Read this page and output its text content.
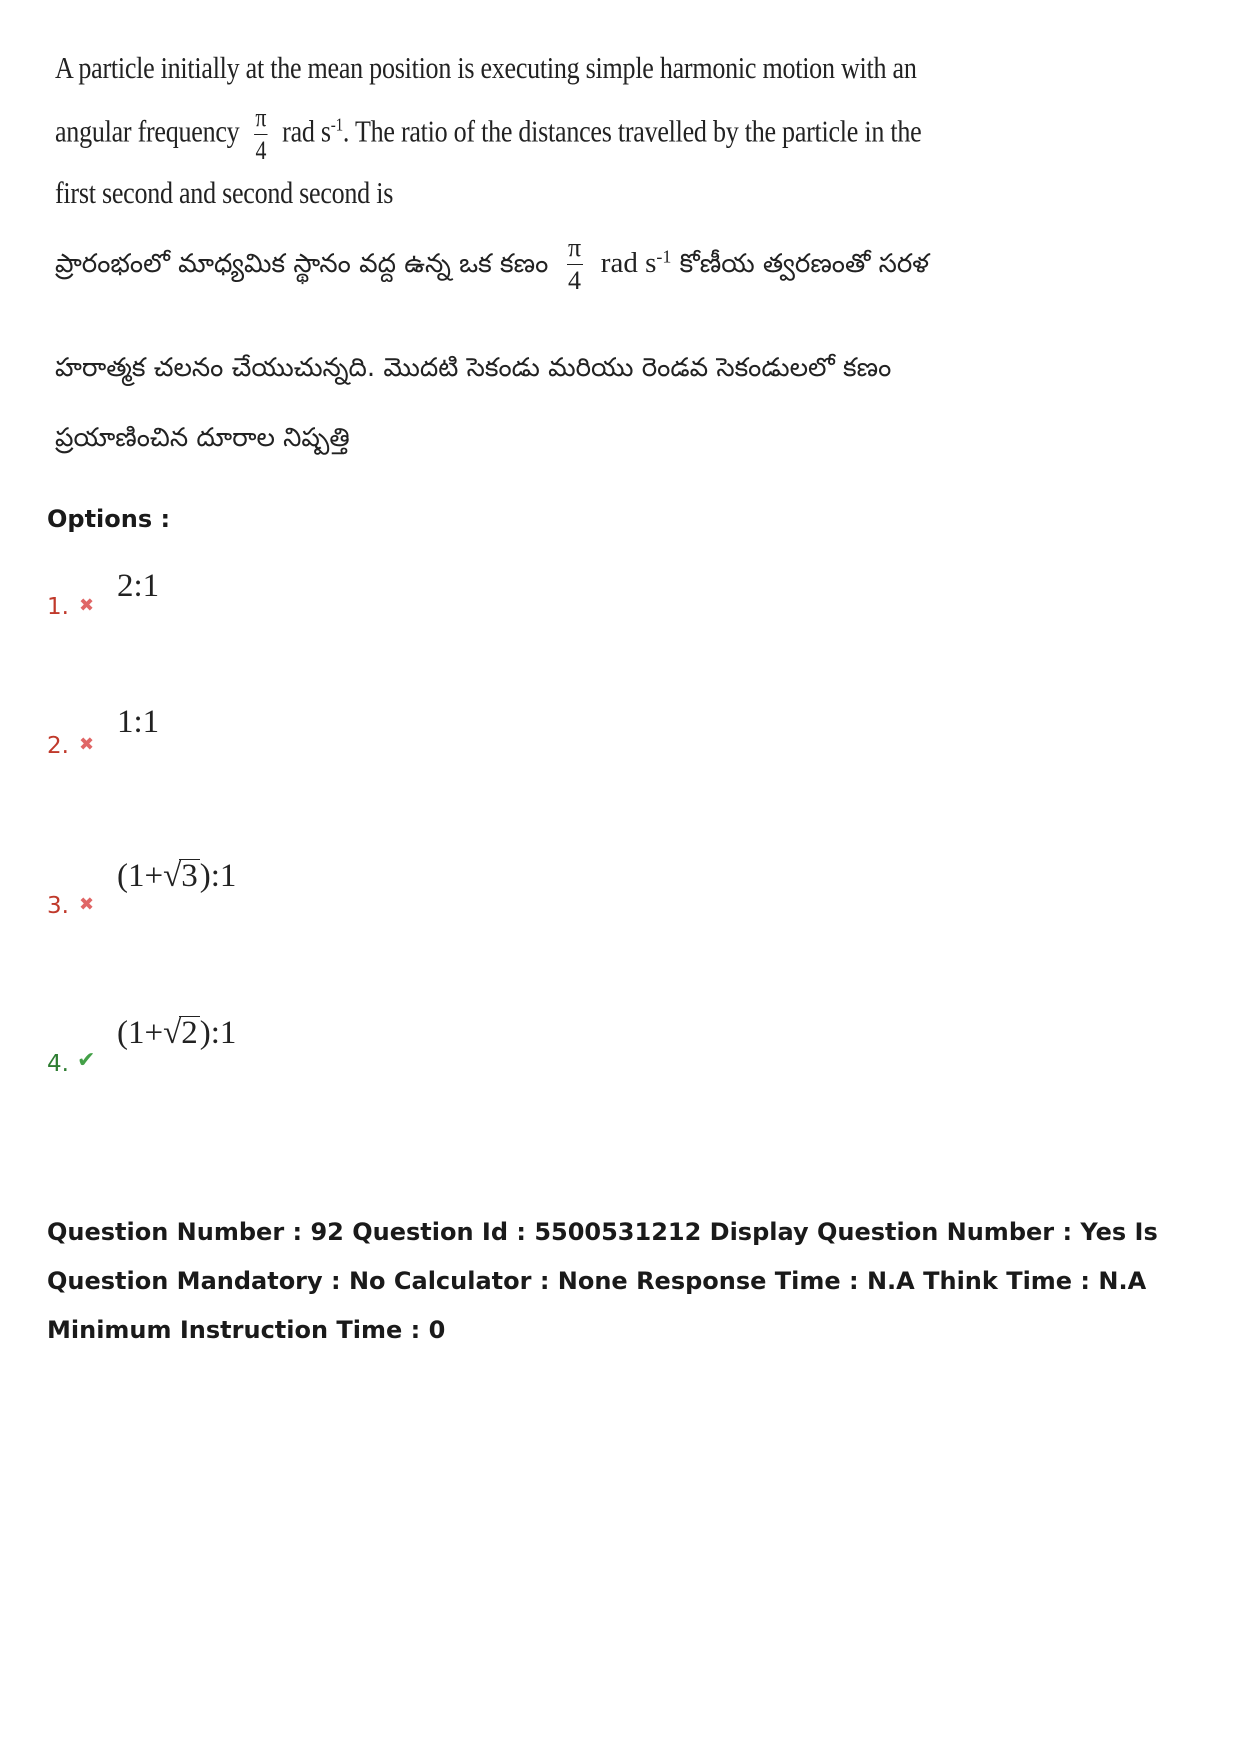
A particle initially at the mean position is executing simple harmonic motion with an
angular frequency $\frac{\pi}{4}$ rad $s^{-1}$. The ratio of the distances travelled by the particle in the
first second and second second is
ప్రారంభంలో మాధ్యమిక స్థానం వద్ద ఉన్న ఒక కణం $\frac{\pi}{4}$ rad $s^{-1}$ కోణీయ త్వరణంతో సరళ
హరాత్మక చలనం చేయుచున్నది. మొదటి సెకండు మరియు రెండవ సెకండులలో కణం
ప్రయాణించిన దూరాల నిష్పత్తి
Options :
1. ✖
2:1
2. ✖
1:1
3. ✖
(1+√3):1
4. ✔
(1+√2):1
Question Number : 92 Question Id : 5500531212 Display Question Number : Yes Is Question Mandatory : No Calculator : None Response Time : N.A Think Time : N.A Minimum Instruction Time : 0
